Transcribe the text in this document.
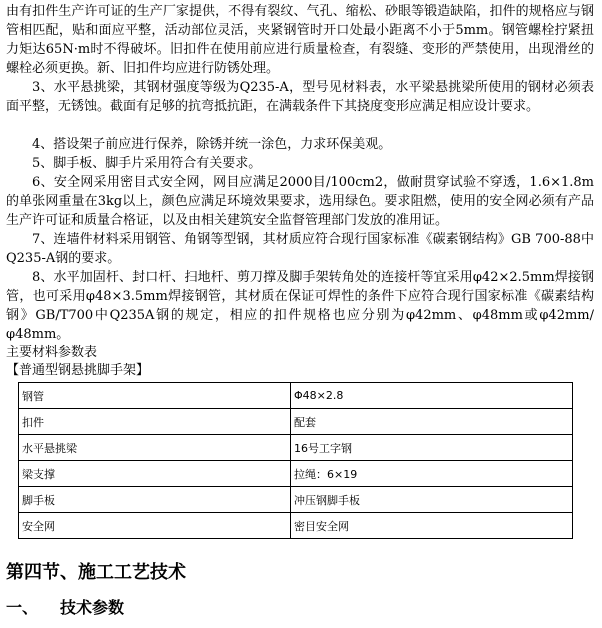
由有扣件生产许可证的生产厂家提供，不得有裂纹、气孔、缩松、砂眼等锻造缺陷，扣件的规格应与钢管相匹配，贴和面应平整，活动部位灵活，夹紧钢管时开口处最小距离不小于5mm。钢管螺栓拧紧扭力矩达65N·m时不得破坏。旧扣件在使用前应进行质量检查，有裂缝、变形的严禁使用，出现滑丝的螺栓必须更换。新、旧扣件均应进行防锈处理。

3、水平悬挑梁，其钢材强度等级为Q235-A，型号见材料表，水平梁悬挑梁所使用的钢材必须表面平整，无锈蚀。截面有足够的抗弯抵抗距，在满载条件下其挠度变形应满足相应设计要求。

4、搭设架子前应进行保养，除锈并统一涂色，力求环保美观。

5、脚手板、脚手片采用符合有关要求。

6、安全网采用密目式安全网，网目应满足2000目/100cm2，做耐贯穿试验不穿透，1.6×1.8m的单张网重量在3kg以上，颜色应满足环境效果要求，选用绿色。要求阻燃，使用的安全网必须有产品生产许可证和质量合格证，以及由相关建筑安全监督管理部门发放的准用证。

7、连墙件材料采用钢管、角钢等型钢，其材质应符合现行国家标准《碳素钢结构》GB 700-88中Q235-A钢的要求。

8、水平加固杆、封口杆、扫地杆、剪刀撑及脚手架转角处的连接杆等宜采用φ42×2.5mm焊接钢管，也可采用φ48×3.5mm焊接钢管，其材质在保证可焊性的条件下应符合现行国家标准《碳素结构钢》GB/T700中Q235A钢的规定，相应的扣件规格也应分别为φ42mm、φ48mm或φ42mm/φ48mm。

主要材料参数表
【普通型钢悬挑脚手架】
钢管	Φ48×2.8
扣件	配套
水平悬挑梁	16号工字钢
梁支撑	拉绳：6×19
脚手板	冲压钢脚手板
安全网	密目安全网
第四节、施工工艺技术
一、 技术参数
